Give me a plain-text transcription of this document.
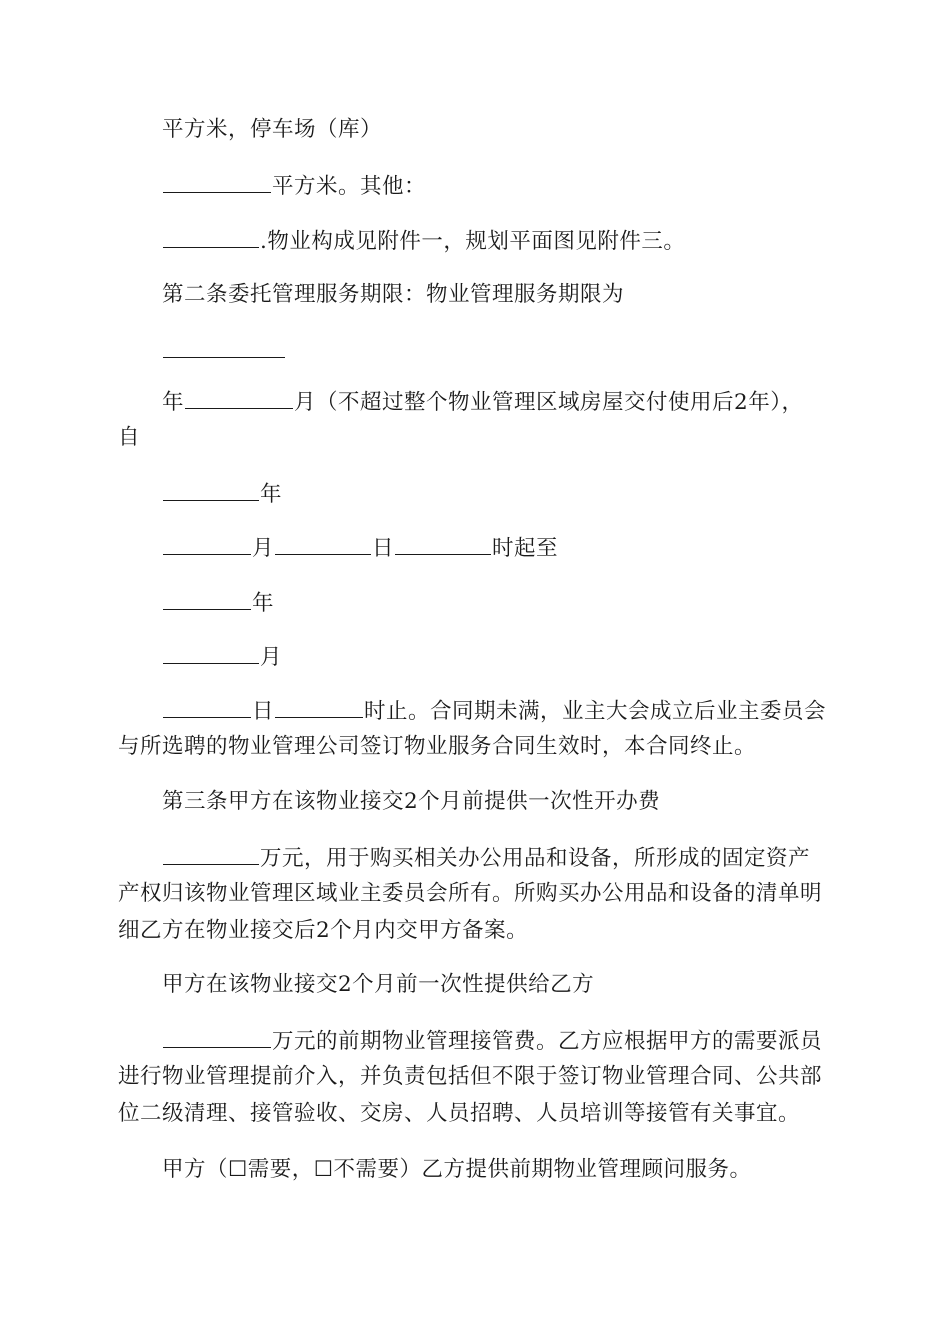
平方米，停车场（库）
平方米。其他：
.物业构成见附件一，规划平面图见附件三。
第二条委托管理服务期限：物业管理服务期限为
年	月（不超过整个物业管理区域房屋交付使用后2年），
自
年
月	日	时起至
年
月
日	时止。合同期未满，业主大会成立后业主委员会
与所选聘的物业管理公司签订物业服务合同生效时，本合同终止。
第三条甲方在该物业接交2个月前提供一次性开办费
万元，用于购买相关办公用品和设备，所形成的固定资产
产权归该物业管理区域业主委员会所有。所购买办公用品和设备的清单明
细乙方在物业接交后2个月内交甲方备案。
甲方在该物业接交2个月前一次性提供给乙方
万元的前期物业管理接管费。乙方应根据甲方的需要派员
进行物业管理提前介入，并负责包括但不限于签订物业管理合同、公共部
位二级清理、接管验收、交房、人员招聘、人员培训等接管有关事宜。
甲方（☐需要，☐不需要）乙方提供前期物业管理顾问服务。
